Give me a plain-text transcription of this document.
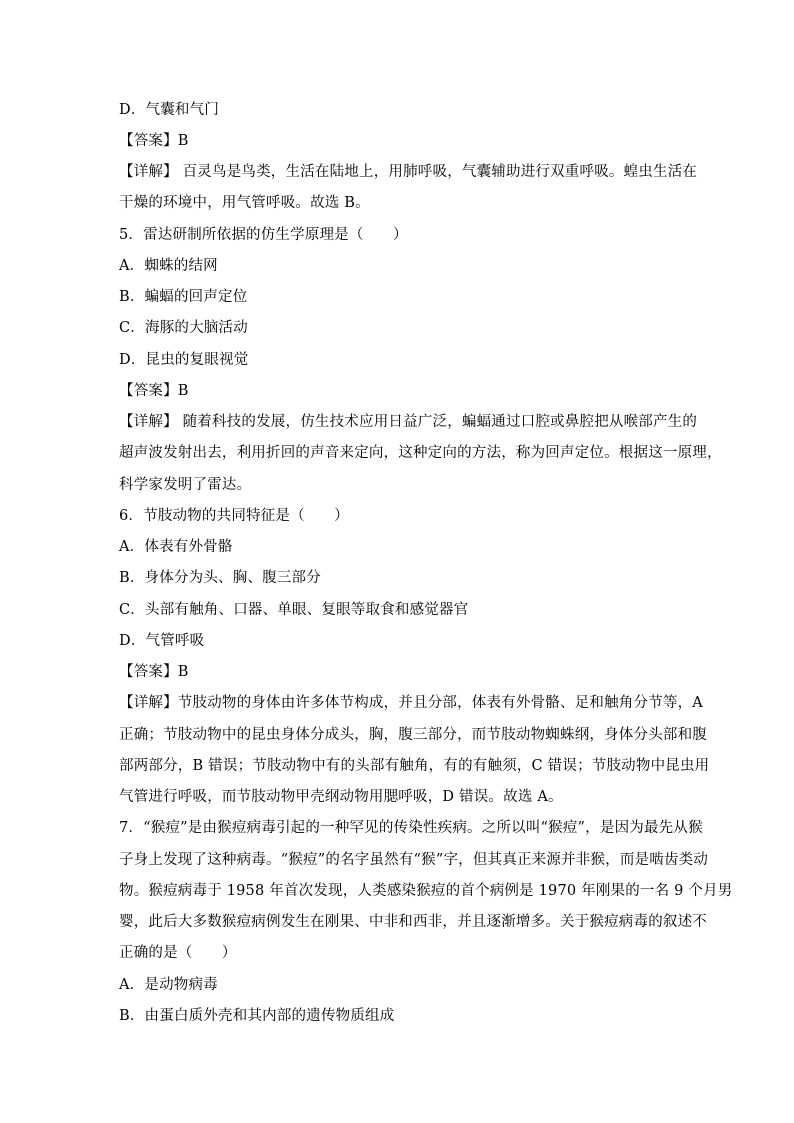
D．气囊和气门
【答案】B
【详解】 百灵鸟是鸟类，生活在陆地上，用肺呼吸，气囊辅助进行双重呼吸。蝗虫生活在
干燥的环境中，用气管呼吸。故选 B。
5．雷达研制所依据的仿生学原理是（　　）
A．蜘蛛的结网
B．蝙蝠的回声定位
C．海豚的大脑活动
D．昆虫的复眼视觉
【答案】B
【详解】 随着科技的发展，仿生技术应用日益广泛，蝙蝠通过口腔或鼻腔把从喉部产生的
超声波发射出去，利用折回的声音来定向，这种定向的方法，称为回声定位。根据这一原理，
科学家发明了雷达。
6．节肢动物的共同特征是（　　）
A．体表有外骨骼
B．身体分为头、胸、腹三部分
C．头部有触角、口器、单眼、复眼等取食和感觉器官
D．气管呼吸
【答案】B
【详解】节肢动物的身体由许多体节构成，并且分部，体表有外骨骼、足和触角分节等，A
正确；节肢动物中的昆虫身体分成头，胸，腹三部分，而节肢动物蜘蛛纲，身体分头部和腹
部两部分，B 错误；节肢动物中有的头部有触角，有的有触须，C 错误；节肢动物中昆虫用
气管进行呼吸，而节肢动物甲壳纲动物用腮呼吸，D 错误。故选 A。
7．“猴痘”是由猴痘病毒引起的一种罕见的传染性疾病。之所以叫“猴痘”，是因为最先从猴
子身上发现了这种病毒。“猴痘”的名字虽然有“猴”字，但其真正来源并非猴，而是啮齿类动
物。猴痘病毒于 1958 年首次发现，人类感染猴痘的首个病例是 1970 年刚果的一名 9 个月男
婴，此后大多数猴痘病例发生在刚果、中非和西非，并且逐渐增多。关于猴痘病毒的叙述不
正确的是（　　）
A．是动物病毒
B．由蛋白质外壳和其内部的遗传物质组成
